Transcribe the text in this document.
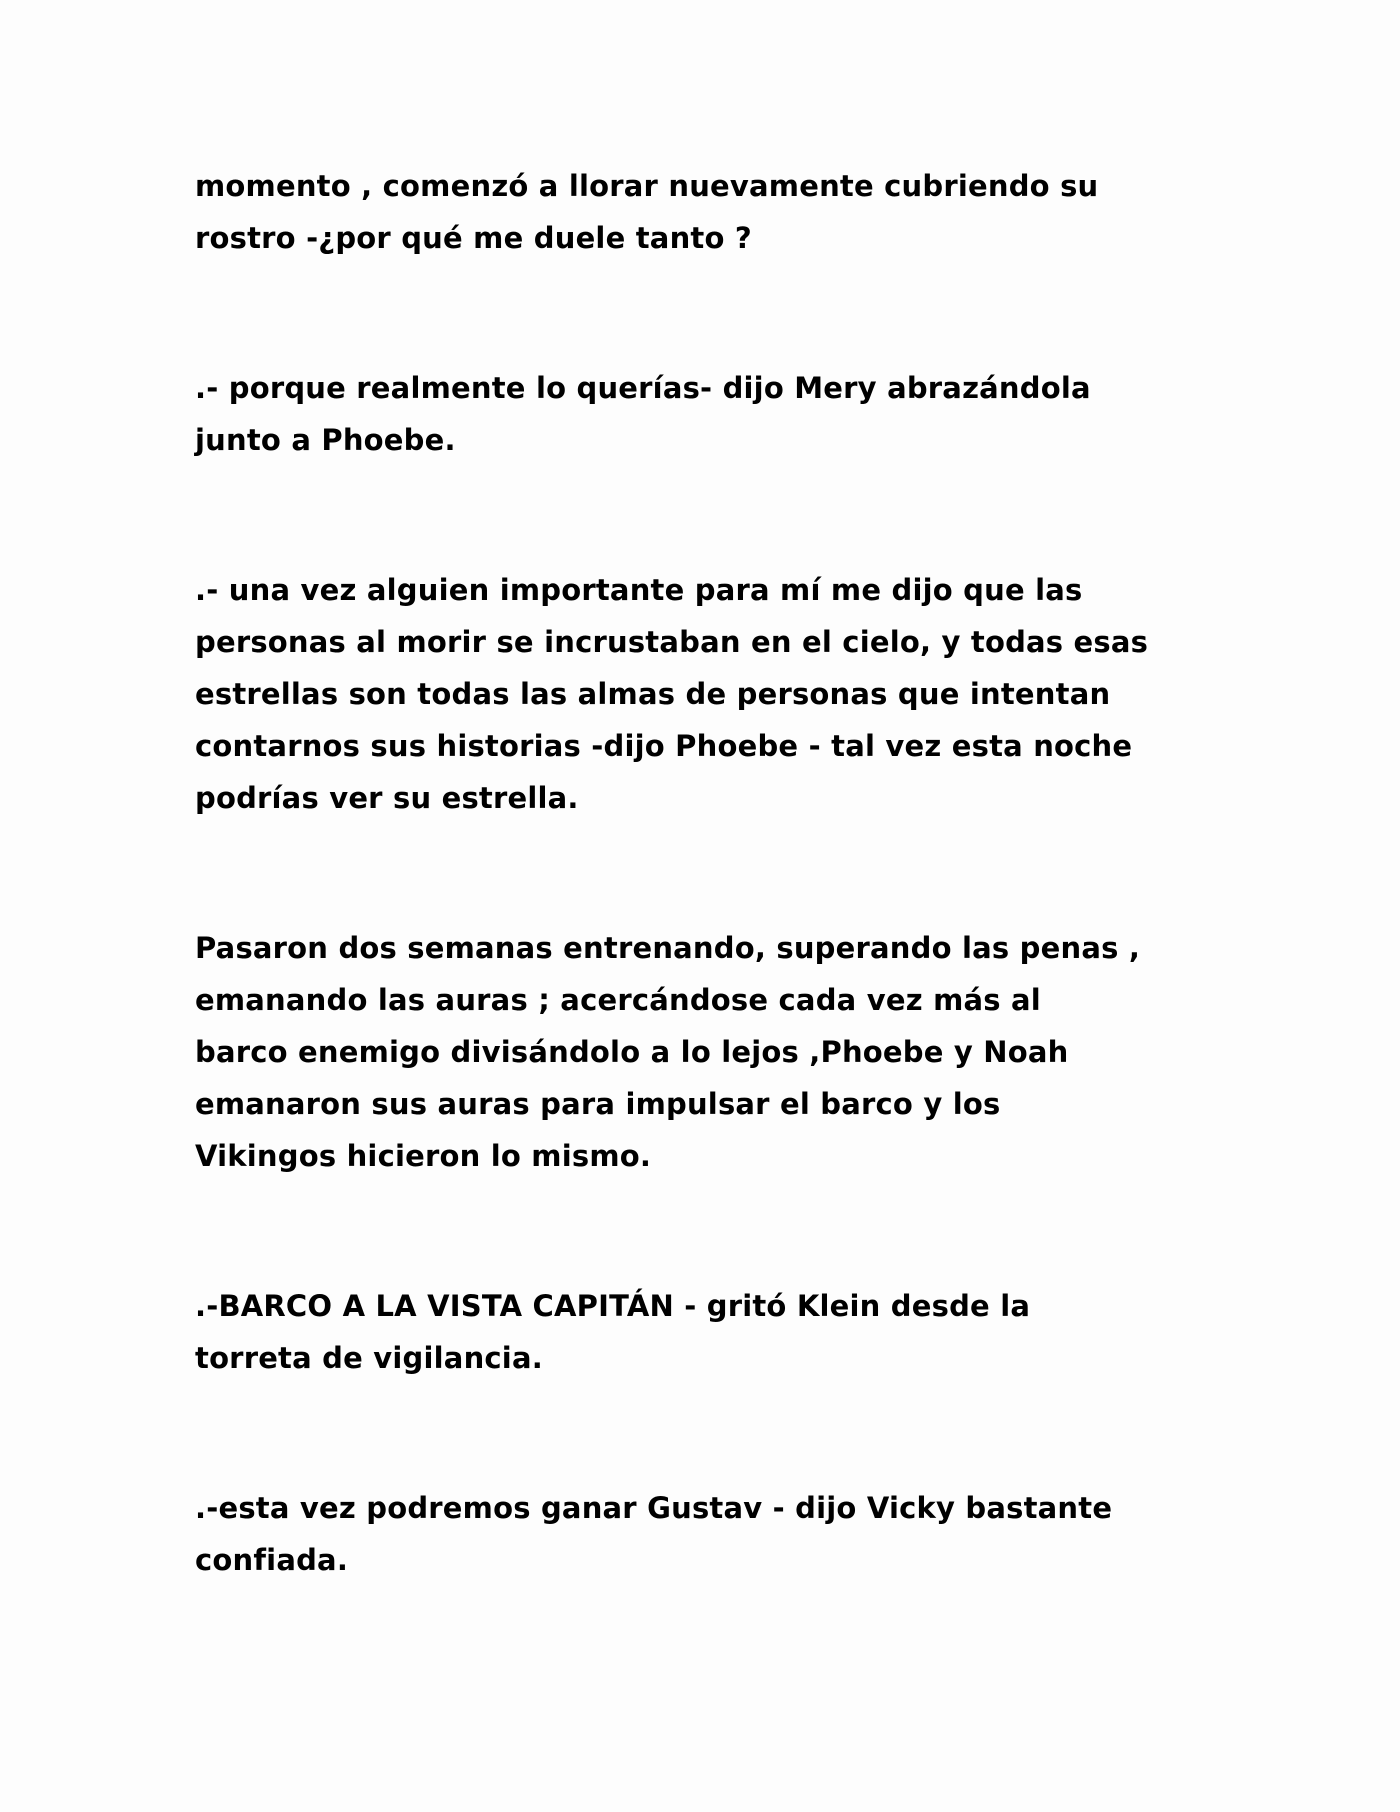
momento , comenzó a llorar nuevamente cubriendo su
rostro -¿por qué me duele tanto ?

.- porque realmente lo querías- dijo Mery abrazándola
junto a Phoebe.

.- una vez alguien importante para mí me dijo que las
personas al morir se incrustaban en el cielo, y todas esas
estrellas son todas las almas de personas que intentan
contarnos sus historias -dijo Phoebe - tal vez esta noche
podrías ver su estrella.

Pasaron dos semanas entrenando, superando las penas ,
emanando las auras ; acercándose cada vez más al
barco enemigo divisándolo a lo lejos ,Phoebe y Noah
emanaron sus auras para impulsar el barco y los
Vikingos hicieron lo mismo.

.-BARCO A LA VISTA CAPITÁN - gritó Klein desde la
torreta de vigilancia.

.-esta vez podremos ganar Gustav - dijo Vicky bastante
confiada.
